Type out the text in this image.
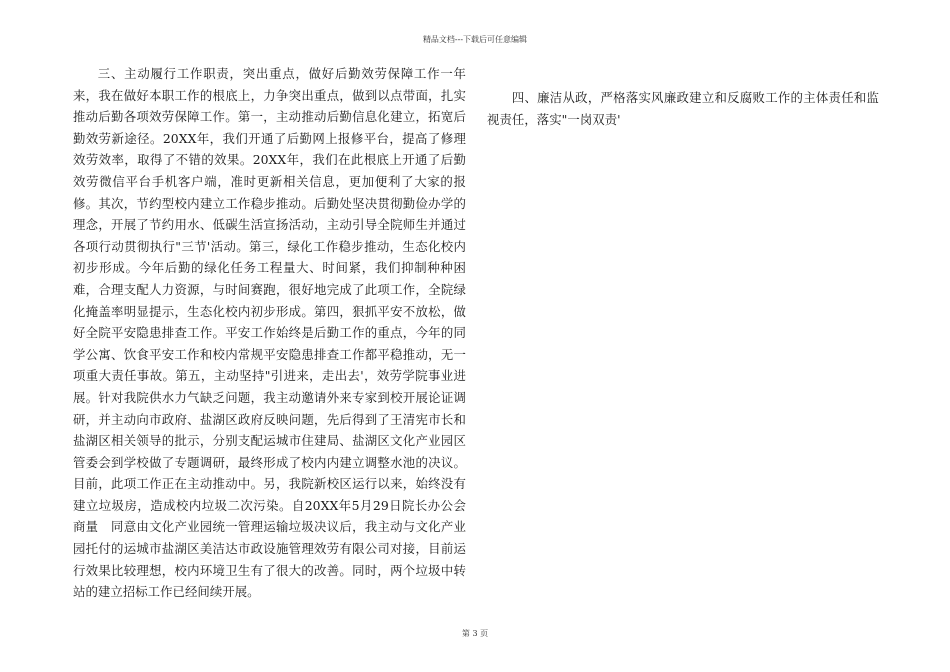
精品文档---下载后可任意编辑

三、主动履行工作职责，突出重点，做好后勤效劳保障工作一年来，我在做好本职工作的根底上，力争突出重点，做到以点带面，扎实推动后勤各项效劳保障工作。第一，主动推动后勤信息化建立，拓宽后勤效劳新途径。20XX年，我们开通了后勤网上报修平台，提高了修理效劳效率，取得了不错的效果。20XX年，我们在此根底上开通了后勤效劳微信平台手机客户端，准时更新相关信息，更加便利了大家的报修。其次，节约型校内建立工作稳步推动。后勤处坚决贯彻勤俭办学的理念，开展了节约用水、低碳生活宣扬活动，主动引导全院师生并通过各项行动贯彻执行"三节'活动。第三，绿化工作稳步推动，生态化校内初步形成。今年后勤的绿化任务工程量大、时间紧，我们抑制种种困难，合理支配人力资源，与时间赛跑，很好地完成了此项工作，全院绿化掩盖率明显提示，生态化校内初步形成。第四，狠抓平安不放松，做好全院平安隐患排查工作。平安工作始终是后勤工作的重点，今年的同学公寓、饮食平安工作和校内常规平安隐患排查工作都平稳推动，无一项重大责任事故。第五，主动坚持"引进来，走出去'，效劳学院事业进展。针对我院供水力气缺乏问题，我主动邀请外来专家到校开展论证调研，并主动向市政府、盐湖区政府反映问题，先后得到了王清宪市长和盐湖区相关领导的批示，分别支配运城市住建局、盐湖区文化产业园区管委会到学校做了专题调研，最终形成了校内内建立调整水池的决议。目前，此项工作正在主动推动中。另，我院新校区运行以来，始终没有建立垃圾房，造成校内垃圾二次污染。自20XX年5月29日院长办公会商量　同意由文化产业园统一管理运输垃圾决议后，我主动与文化产业园托付的运城市盐湖区美洁达市政设施管理效劳有限公司对接，目前运行效果比较理想，校内环境卫生有了很大的改善。同时，两个垃圾中转站的建立招标工作已经间续开展。

四、廉洁从政，严格落实风廉政建立和反腐败工作的主体责任和监视责任，落实"一岗双责'

第 3 页
